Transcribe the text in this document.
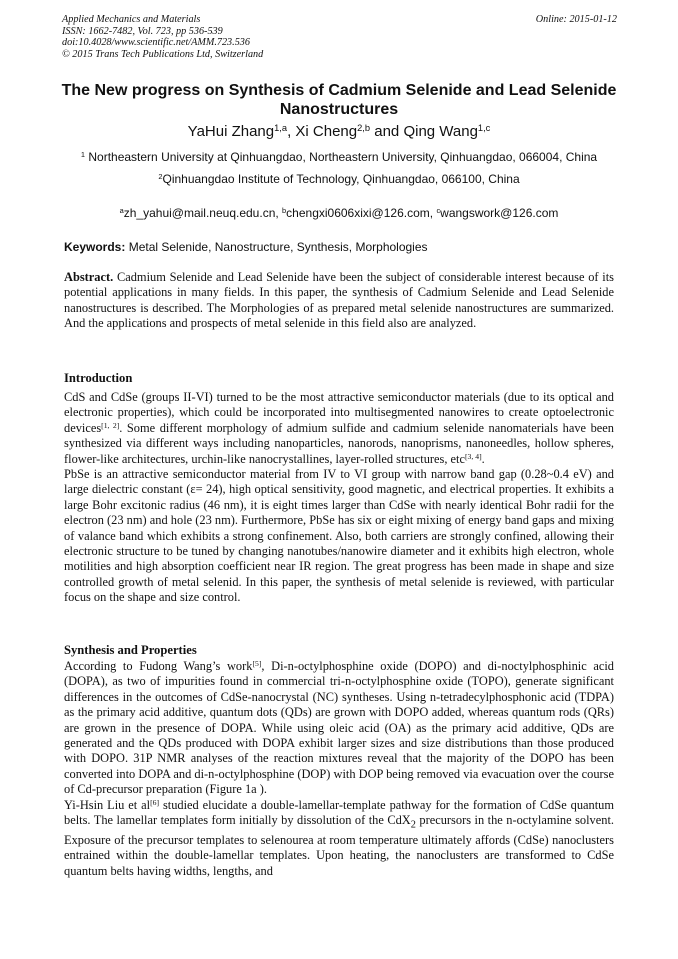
Applied Mechanics and Materials
ISSN: 1662-7482, Vol. 723, pp 536-539
doi:10.4028/www.scientific.net/AMM.723.536
© 2015 Trans Tech Publications Ltd, Switzerland
Online: 2015-01-12
The New progress on Synthesis of Cadmium Selenide and Lead Selenide Nanostructures
YaHui Zhang$^{1,a}$, Xi Cheng$^{2,b}$ and Qing Wang$^{1,c}$
$^1$ Northeastern University at Qinhuangdao, Northeastern University, Qinhuangdao, 066004, China
$^2$Qinhuangdao Institute of Technology, Qinhuangdao, 066100, China
$^a$zh_yahui@mail.neuq.edu.cn, $^b$chengxi0606xixi@126.com, $^c$wangswork@126.com
Keywords: Metal Selenide, Nanostructure, Synthesis, Morphologies

Abstract. Cadmium Selenide and Lead Selenide have been the subject of considerable interest because of its potential applications in many fields. In this paper, the synthesis of Cadmium Selenide and Lead Selenide nanostructures is described. The Morphologies of as prepared metal selenide nanostructures are summarized. And the applications and prospects of metal selenide in this field also are analyzed.

Introduction

CdS and CdSe (groups II-VI) turned to be the most attractive semiconductor materials (due to its optical and electronic properties), which could be incorporated into multisegmented nanowires to create optoelectronic devices[1, 2]. Some different morphology of admium sulfide and cadmium selenide nanomaterials have been synthesized via different ways including nanoparticles, nanorods, nanoprisms, nanoneedles, hollow spheres, flower-like architectures, urchin-like nanocrystallines, layer-rolled structures, etc[3, 4].

PbSe is an attractive semiconductor material from IV to VI group with narrow band gap (0.28~0.4 eV) and large dielectric constant (ε= 24), high optical sensitivity, good magnetic, and electrical properties. It exhibits a large Bohr excitonic radius (46 nm), it is eight times larger than CdSe with nearly identical Bohr radii for the electron (23 nm) and hole (23 nm). Furthermore, PbSe has six or eight mixing of energy band gaps and mixing of valance band which exhibits a strong confinement. Also, both carriers are strongly confined, allowing their electronic structure to be tuned by changing nanotubes/nanowire diameter and it exhibits high electron, whole motilities and high absorption coefficient near IR region. The great progress has been made in shape and size controlled growth of metal selenid. In this paper, the synthesis of metal selenide is reviewed, with particular focus on the shape and size control.

Synthesis and Properties

According to Fudong Wang’s work[5], Di-n-octylphosphine oxide (DOPO) and di-noctylphosphinic acid (DOPA), as two of impurities found in commercial tri-n-octylphosphine oxide (TOPO), generate significant differences in the outcomes of CdSe-nanocrystal (NC) syntheses. Using n-tetradecylphosphonic acid (TDPA) as the primary acid additive, quantum dots (QDs) are grown with DOPO added, whereas quantum rods (QRs) are grown in the presence of DOPA. While using oleic acid (OA) as the primary acid additive, QDs are generated and the QDs produced with DOPA exhibit larger sizes and size distributions than those produced with DOPO. 31P NMR analyses of the reaction mixtures reveal that the majority of the DOPO has been converted into DOPA and di-n-octylphosphine (DOP) with DOP being removed via evacuation over the course of Cd-precursor preparation (Figure 1a ).

Yi-Hsin Liu et al[6] studied elucidate a double-lamellar-template pathway for the formation of CdSe quantum belts. The lamellar templates form initially by dissolution of the CdX$_2$ precursors in the n-octylamine solvent. Exposure of the precursor templates to selenourea at room temperature ultimately affords (CdSe) nanoclusters entrained within the double-lamellar templates. Upon heating, the nanoclusters are transformed to CdSe quantum belts having widths, lengths, and
